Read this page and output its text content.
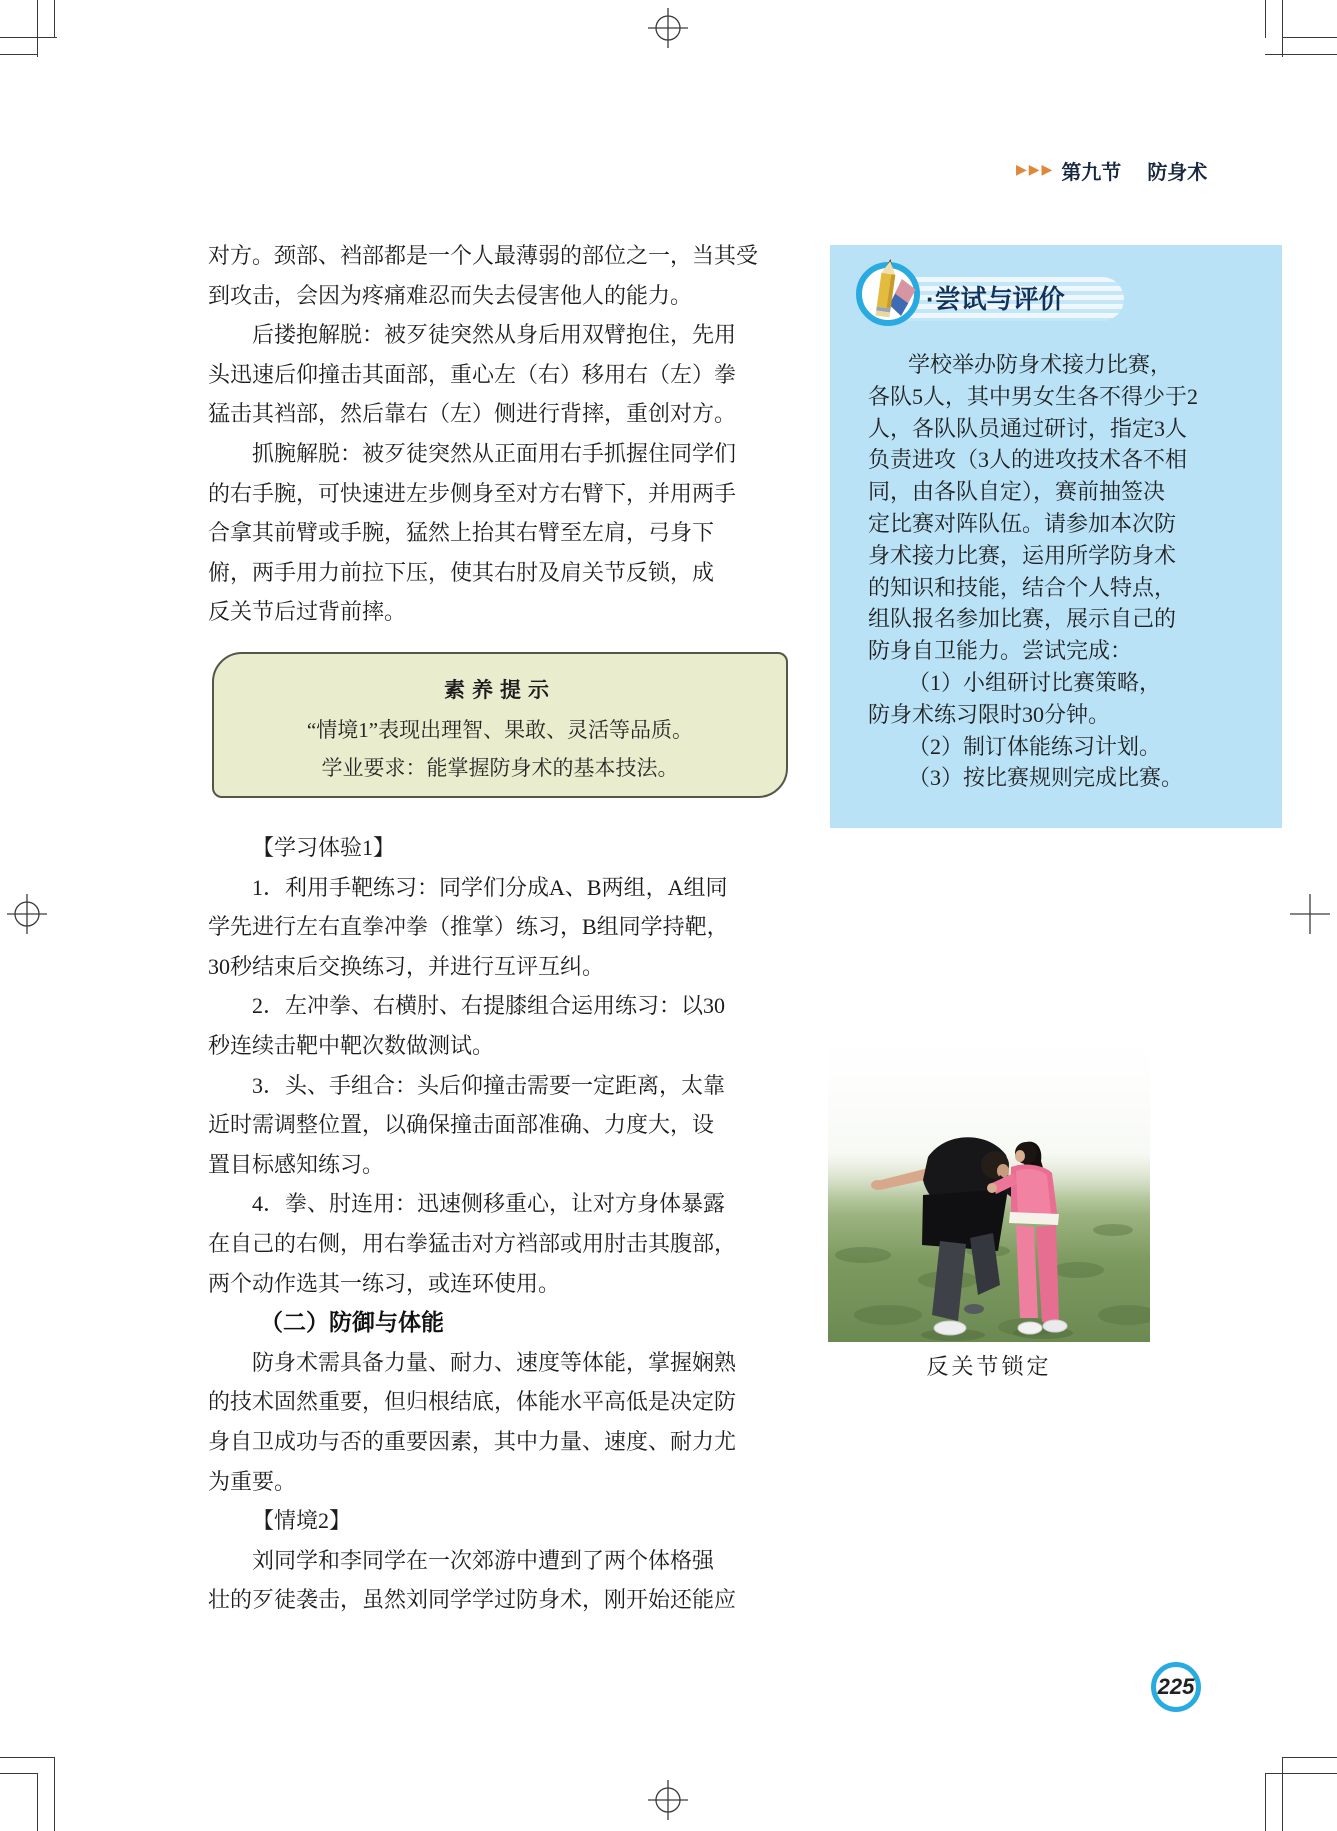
▶▶▶ 第九节 防身术
对方。颈部、裆部都是一个人最薄弱的部位之一，当其受
到攻击，会因为疼痛难忍而失去侵害他人的能力。
后搂抱解脱：被歹徒突然从身后用双臂抱住，先用
头迅速后仰撞击其面部，重心左（右）移用右（左）拳
猛击其裆部，然后靠右（左）侧进行背摔，重创对方。
抓腕解脱：被歹徒突然从正面用右手抓握住同学们
的右手腕，可快速进左步侧身至对方右臂下，并用两手
合拿其前臂或手腕，猛然上抬其右臂至左肩，弓身下
俯，两手用力前拉下压，使其右肘及肩关节反锁，成
反关节后过背前摔。
素养提示
“情境1”表现出理智、果敢、灵活等品质。
学业要求：能掌握防身术的基本技法。
【学习体验1】
1．利用手靶练习：同学们分成A、B两组，A组同
学先进行左右直拳冲拳（推掌）练习，B组同学持靶，
30秒结束后交换练习，并进行互评互纠。
2．左冲拳、右横肘、右提膝组合运用练习：以30
秒连续击靶中靶次数做测试。
3．头、手组合：头后仰撞击需要一定距离，太靠
近时需调整位置，以确保撞击面部准确、力度大，设
置目标感知练习。
4．拳、肘连用：迅速侧移重心，让对方身体暴露
在自己的右侧，用右拳猛击对方裆部或用肘击其腹部，
两个动作选其一练习，或连环使用。
（二）防御与体能
防身术需具备力量、耐力、速度等体能，掌握娴熟
的技术固然重要，但归根结底，体能水平高低是决定防
身自卫成功与否的重要因素，其中力量、速度、耐力尤
为重要。
【情境2】
刘同学和李同学在一次郊游中遭到了两个体格强
壮的歹徒袭击，虽然刘同学学过防身术，刚开始还能应
·尝试与评价
学校举办防身术接力比赛，
各队5人，其中男女生各不得少于2
人，各队队员通过研讨，指定3人
负责进攻（3人的进攻技术各不相
同，由各队自定），赛前抽签决
定比赛对阵队伍。请参加本次防
身术接力比赛，运用所学防身术
的知识和技能，结合个人特点，
组队报名参加比赛，展示自己的
防身自卫能力。尝试完成：
（1）小组研讨比赛策略，
防身术练习限时30分钟。
（2）制订体能练习计划。
（3）按比赛规则完成比赛。
反关节锁定
225
